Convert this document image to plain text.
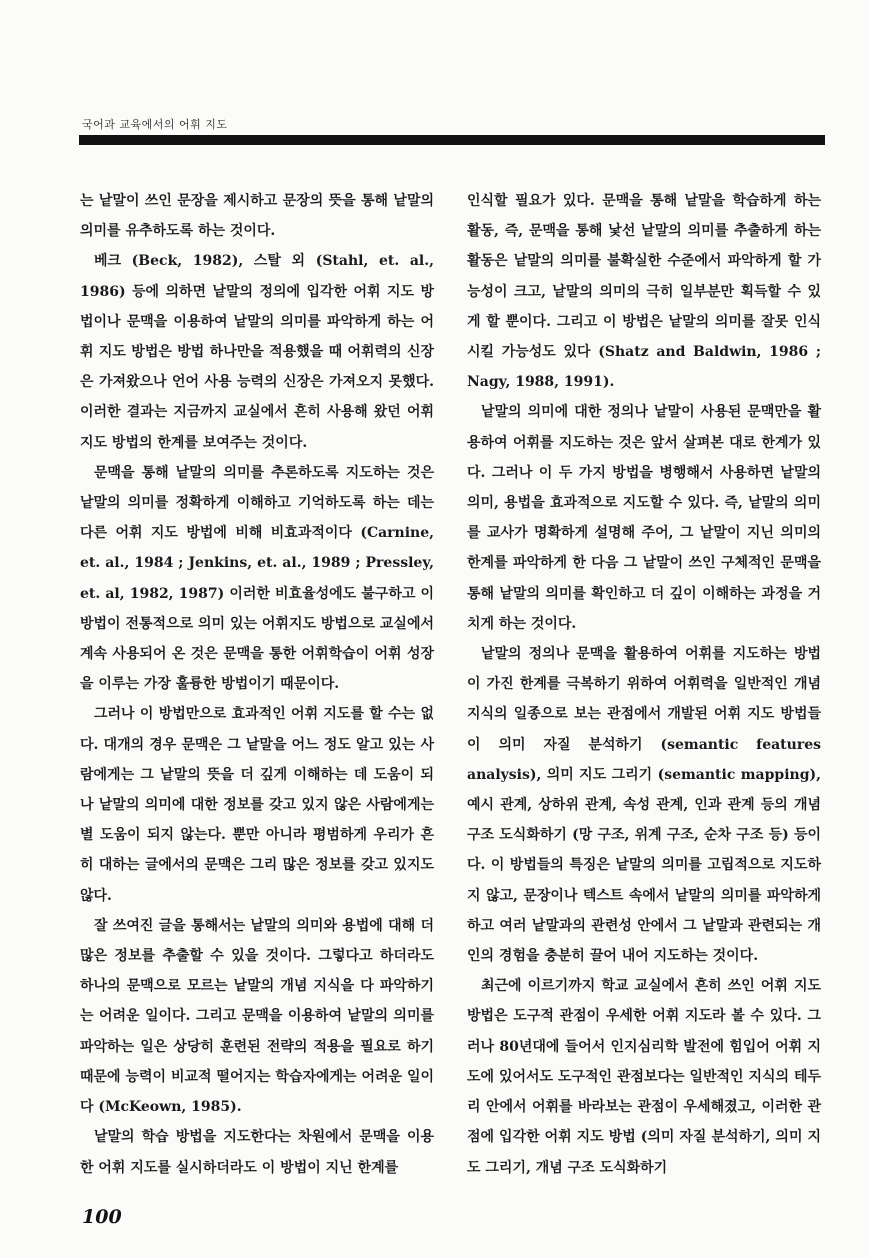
국어과 교육에서의 어휘 지도

는 낱말이 쓰인 문장을 제시하고 문장의 뜻을 통해 낱말의 의미를 유추하도록 하는 것이다.

베크 (Beck, 1982), 스탈 외 (Stahl, et. al., 1986) 등에 의하면 낱말의 정의에 입각한 어휘 지도 방법이나 문맥을 이용하여 낱말의 의미를 파악하게 하는 어휘 지도 방법은 방법 하나만을 적용했을 때 어휘력의 신장은 가져왔으나 언어 사용 능력의 신장은 가져오지 못했다. 이러한 결과는 지금까지 교실에서 흔히 사용해 왔던 어휘 지도 방법의 한계를 보여주는 것이다.

문맥을 통해 낱말의 의미를 추론하도록 지도하는 것은 낱말의 의미를 정확하게 이해하고 기억하도록 하는 데는 다른 어휘 지도 방법에 비해 비효과적이다 (Carnine, et. al., 1984 ; Jenkins, et. al., 1989 ; Pressley, et. al, 1982, 1987) 이러한 비효율성에도 불구하고 이 방법이 전통적으로 의미 있는 어휘지도 방법으로 교실에서 계속 사용되어 온 것은 문맥을 통한 어휘학습이 어휘 성장을 이루는 가장 훌륭한 방법이기 때문이다.

그러나 이 방법만으로 효과적인 어휘 지도를 할 수는 없다. 대개의 경우 문맥은 그 낱말을 어느 정도 알고 있는 사람에게는 그 낱말의 뜻을 더 깊게 이해하는 데 도움이 되나 낱말의 의미에 대한 정보를 갖고 있지 않은 사람에게는 별 도움이 되지 않는다. 뿐만 아니라 평범하게 우리가 흔히 대하는 글에서의 문맥은 그리 많은 정보를 갖고 있지도 않다.

잘 쓰여진 글을 통해서는 낱말의 의미와 용법에 대해 더 많은 정보를 추출할 수 있을 것이다. 그렇다고 하더라도 하나의 문맥으로 모르는 낱말의 개념 지식을 다 파악하기는 어려운 일이다. 그리고 문맥을 이용하여 낱말의 의미를 파악하는 일은 상당히 훈련된 전략의 적용을 필요로 하기 때문에 능력이 비교적 떨어지는 학습자에게는 어려운 일이다 (McKeown, 1985).

낱말의 학습 방법을 지도한다는 차원에서 문맥을 이용한 어휘 지도를 실시하더라도 이 방법이 지닌 한계를

인식할 필요가 있다. 문맥을 통해 낱말을 학습하게 하는 활동, 즉, 문맥을 통해 낯선 낱말의 의미를 추출하게 하는 활동은 낱말의 의미를 불확실한 수준에서 파악하게 할 가능성이 크고, 낱말의 의미의 극히 일부분만 획득할 수 있게 할 뿐이다. 그리고 이 방법은 낱말의 의미를 잘못 인식시킬 가능성도 있다 (Shatz and Baldwin, 1986 ; Nagy, 1988, 1991).

낱말의 의미에 대한 정의나 낱말이 사용된 문맥만을 활용하여 어휘를 지도하는 것은 앞서 살펴본 대로 한계가 있다. 그러나 이 두 가지 방법을 병행해서 사용하면 낱말의 의미, 용법을 효과적으로 지도할 수 있다. 즉, 낱말의 의미를 교사가 명확하게 설명해 주어, 그 낱말이 지닌 의미의 한계를 파악하게 한 다음 그 낱말이 쓰인 구체적인 문맥을 통해 낱말의 의미를 확인하고 더 깊이 이해하는 과정을 거치게 하는 것이다.

낱말의 정의나 문맥을 활용하여 어휘를 지도하는 방법이 가진 한계를 극복하기 위하여 어휘력을 일반적인 개념 지식의 일종으로 보는 관점에서 개발된 어휘 지도 방법들이 의미 자질 분석하기 (semantic features analysis), 의미 지도 그리기 (semantic mapping), 예시 관계, 상하위 관계, 속성 관계, 인과 관계 등의 개념 구조 도식화하기 (망 구조, 위계 구조, 순차 구조 등) 등이다. 이 방법들의 특징은 낱말의 의미를 고립적으로 지도하지 않고, 문장이나 텍스트 속에서 낱말의 의미를 파악하게 하고 여러 낱말과의 관련성 안에서 그 낱말과 관련되는 개인의 경험을 충분히 끌어 내어 지도하는 것이다.

최근에 이르기까지 학교 교실에서 흔히 쓰인 어휘 지도 방법은 도구적 관점이 우세한 어휘 지도라 볼 수 있다. 그러나 80년대에 들어서 인지심리학 발전에 힘입어 어휘 지도에 있어서도 도구적인 관점보다는 일반적인 지식의 테두리 안에서 어휘를 바라보는 관점이 우세해졌고, 이러한 관점에 입각한 어휘 지도 방법 (의미 자질 분석하기, 의미 지도 그리기, 개념 구조 도식화하기

100
